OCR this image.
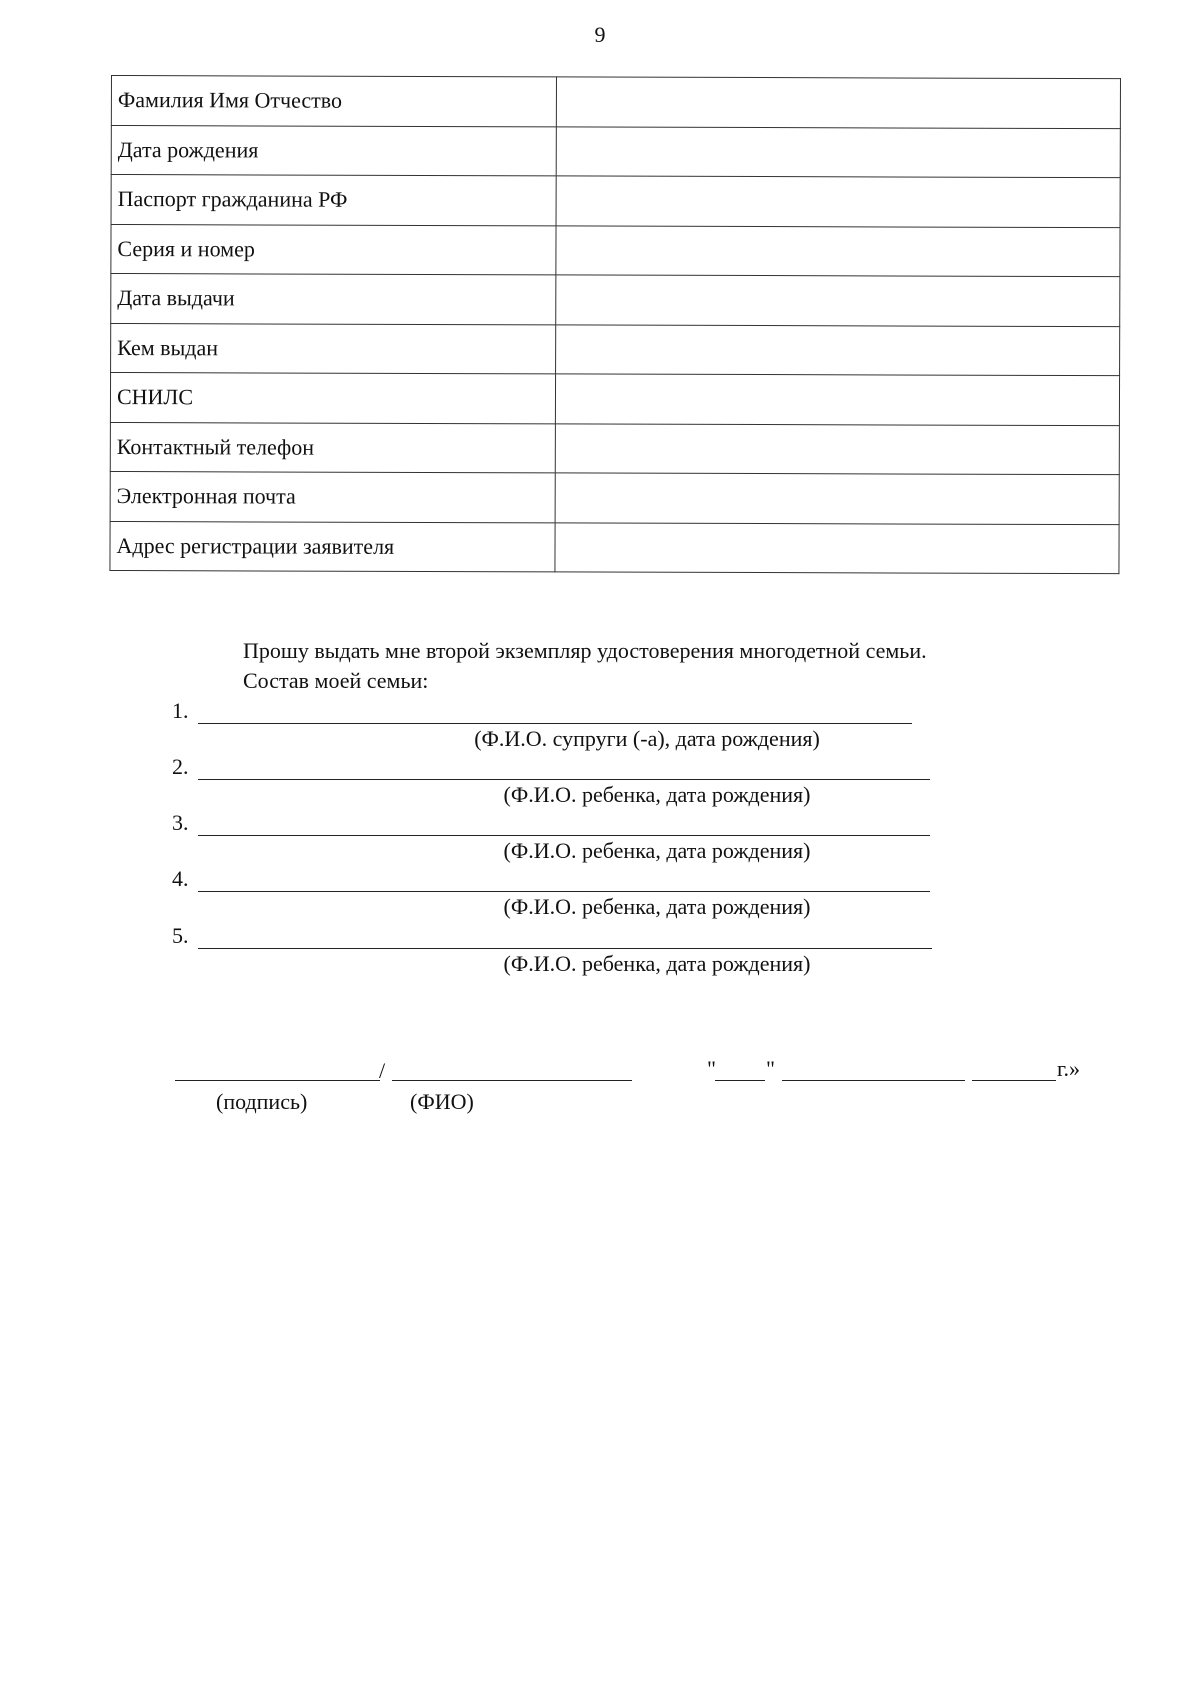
9
Фамилия Имя Отчество	
Дата рождения	
Паспорт гражданина РФ	
Серия и номер	
Дата выдачи	
Кем выдан	
СНИЛС	
Контактный телефон	
Электронная почта	
Адрес регистрации заявителя	
Прошу выдать мне второй экземпляр удостоверения многодетной семьи.
Состав моей семьи:
1.
(Ф.И.О. супруги (-а), дата рождения)
2.
(Ф.И.О. ребенка, дата рождения)
3.
(Ф.И.О. ребенка, дата рождения)
4.
(Ф.И.О. ребенка, дата рождения)
5.
(Ф.И.О. ребенка, дата рождения)
/
(подпись)	(ФИО)
" "	г.»
